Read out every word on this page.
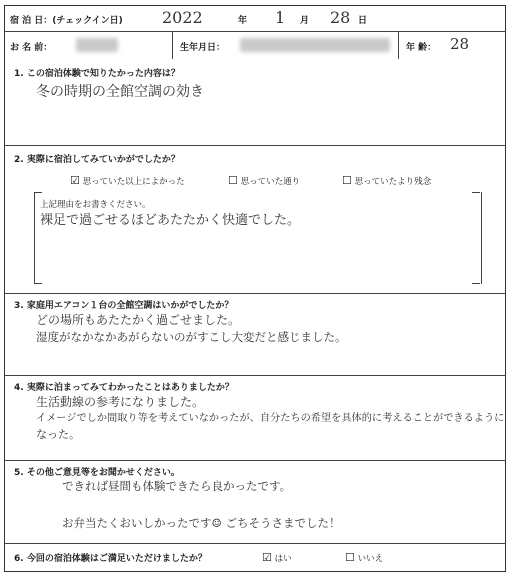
宿 泊 日：(チェックイン日) 2022	年 1 月 28 日
お 名 前：	生年月日：	年 齢： 28
1. この宿泊体験で知りたかった内容は？
冬の時期の全館空調の効き
2. 実際に宿泊してみていかがでしたか？
☑ 思っていた以上によかった	☐ 思っていた通り	☐ 思っていたより残念
上記理由をお書きください。
裸足で過ごせるほどあたたかく快適でした。
3. 家庭用エアコン１台の全館空調はいかがでしたか？
どの場所もあたたかく過ごせました。
湿度がなかなかあがらないのがすこし大変だと感じました。
4. 実際に泊まってみてわかったことはありましたか？
生活動線の参考になりました。
イメージでしか間取り等を考えていなかったが、自分たちの希望を具体的に考えることができるように
なった。
5. その他ご意見等をお聞かせください。
できれば昼間も体験できたら良かったです。
お弁当たくおいしかったです☺ ごちそうさまでした！
6. 今回の宿泊体験はご満足いただけましたか？	☑ はい	☐ いいえ
